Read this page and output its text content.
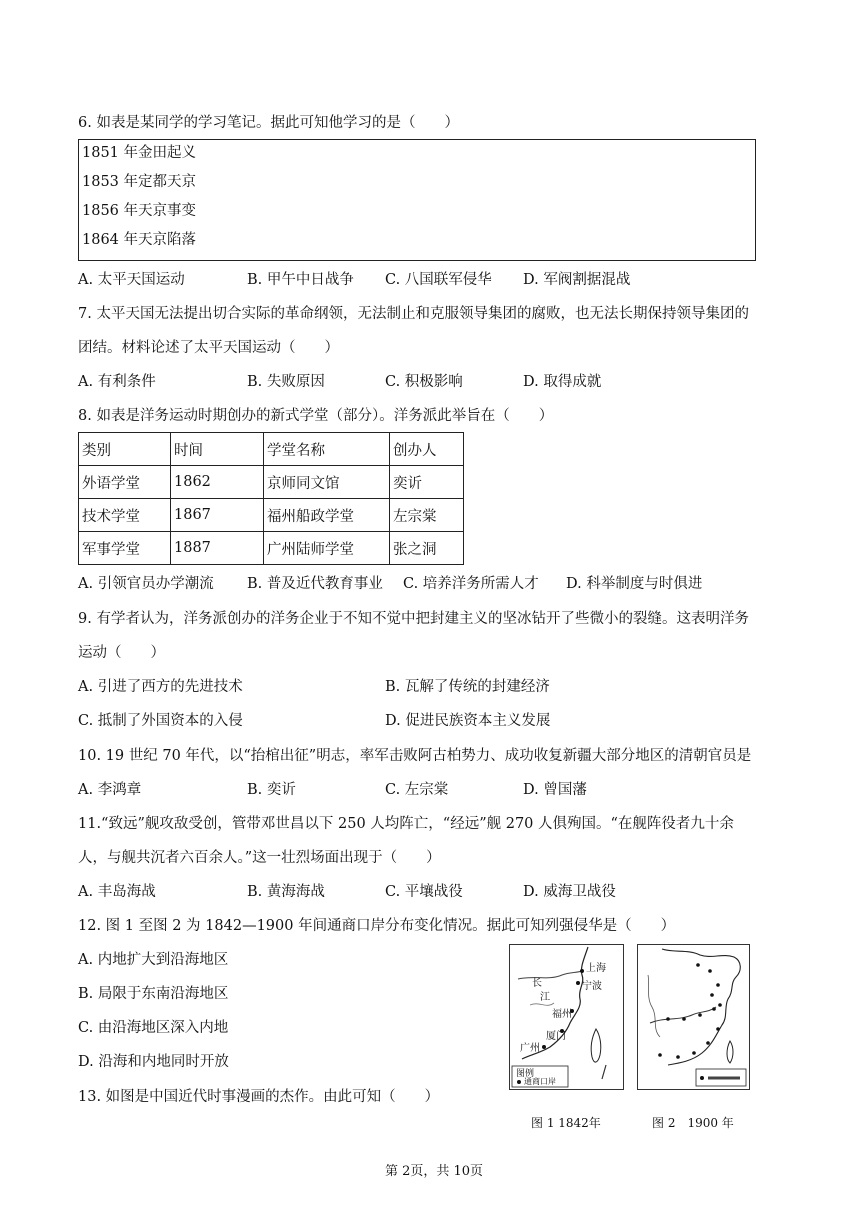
6. 如表是某同学的学习笔记。据此可知他学习的是（　　）
1851 年金田起义
1853 年定都天京
1856 年天京事变
1864 年天京陷落
A. 太平天国运动	B. 甲午中日战争 C. 八国联军侵华 D. 军阀割据混战
7. 太平天国无法提出切合实际的革命纲领，无法制止和克服领导集团的腐败，也无法长期保持领导集团的
团结。材料论述了太平天国运动（　　）
A. 有利条件	B. 失败原因	C. 积极影响	D. 取得成就
8. 如表是洋务运动时期创办的新式学堂（部分）。洋务派此举旨在（　　）
类别	时间	学堂名称	创办人
外语学堂	1862	京师同文馆	奕䜣
技术学堂	1867	福州船政学堂	左宗棠
军事学堂	1887	广州陆师学堂	张之洞
A. 引领官员办学潮流 B. 普及近代教育事业 C. 培养洋务所需人才 D. 科举制度与时俱进
9. 有学者认为，洋务派创办的洋务企业于不知不觉中把封建主义的坚冰钻开了些微小的裂缝。这表明洋务
运动（　　）
A. 引进了西方的先进技术	B. 瓦解了传统的封建经济
C. 抵制了外国资本的入侵	D. 促进民族资本主义发展
10. 19 世纪 70 年代，以“抬棺出征”明志，率军击败阿古柏势力、成功收复新疆大部分地区的清朝官员是
A. 李鸿章	B. 奕䜣	C. 左宗棠	D. 曾国藩
11.“致远”舰攻敌受创，管带邓世昌以下 250 人均阵亡，“经远”舰 270 人俱殉国。“在舰阵役者九十余
人，与舰共沉者六百余人。”这一壮烈场面出现于（　　）
A. 丰岛海战	B. 黄海海战	C. 平壤战役	D. 威海卫战役
12. 图 1 至图 2 为 1842—1900 年间通商口岸分布变化情况。据此可知列强侵华是（　　）
A. 内地扩大到沿海地区
B. 局限于东南沿海地区
C. 由沿海地区深入内地
D. 沿海和内地同时开放
长
江
上海
宁波
福州
厦门
广州
图例
通商口岸
图 1 1842年	图 2　1900 年
13. 如图是中国近代时事漫画的杰作。由此可知（　　）
第 2页，共 10页
